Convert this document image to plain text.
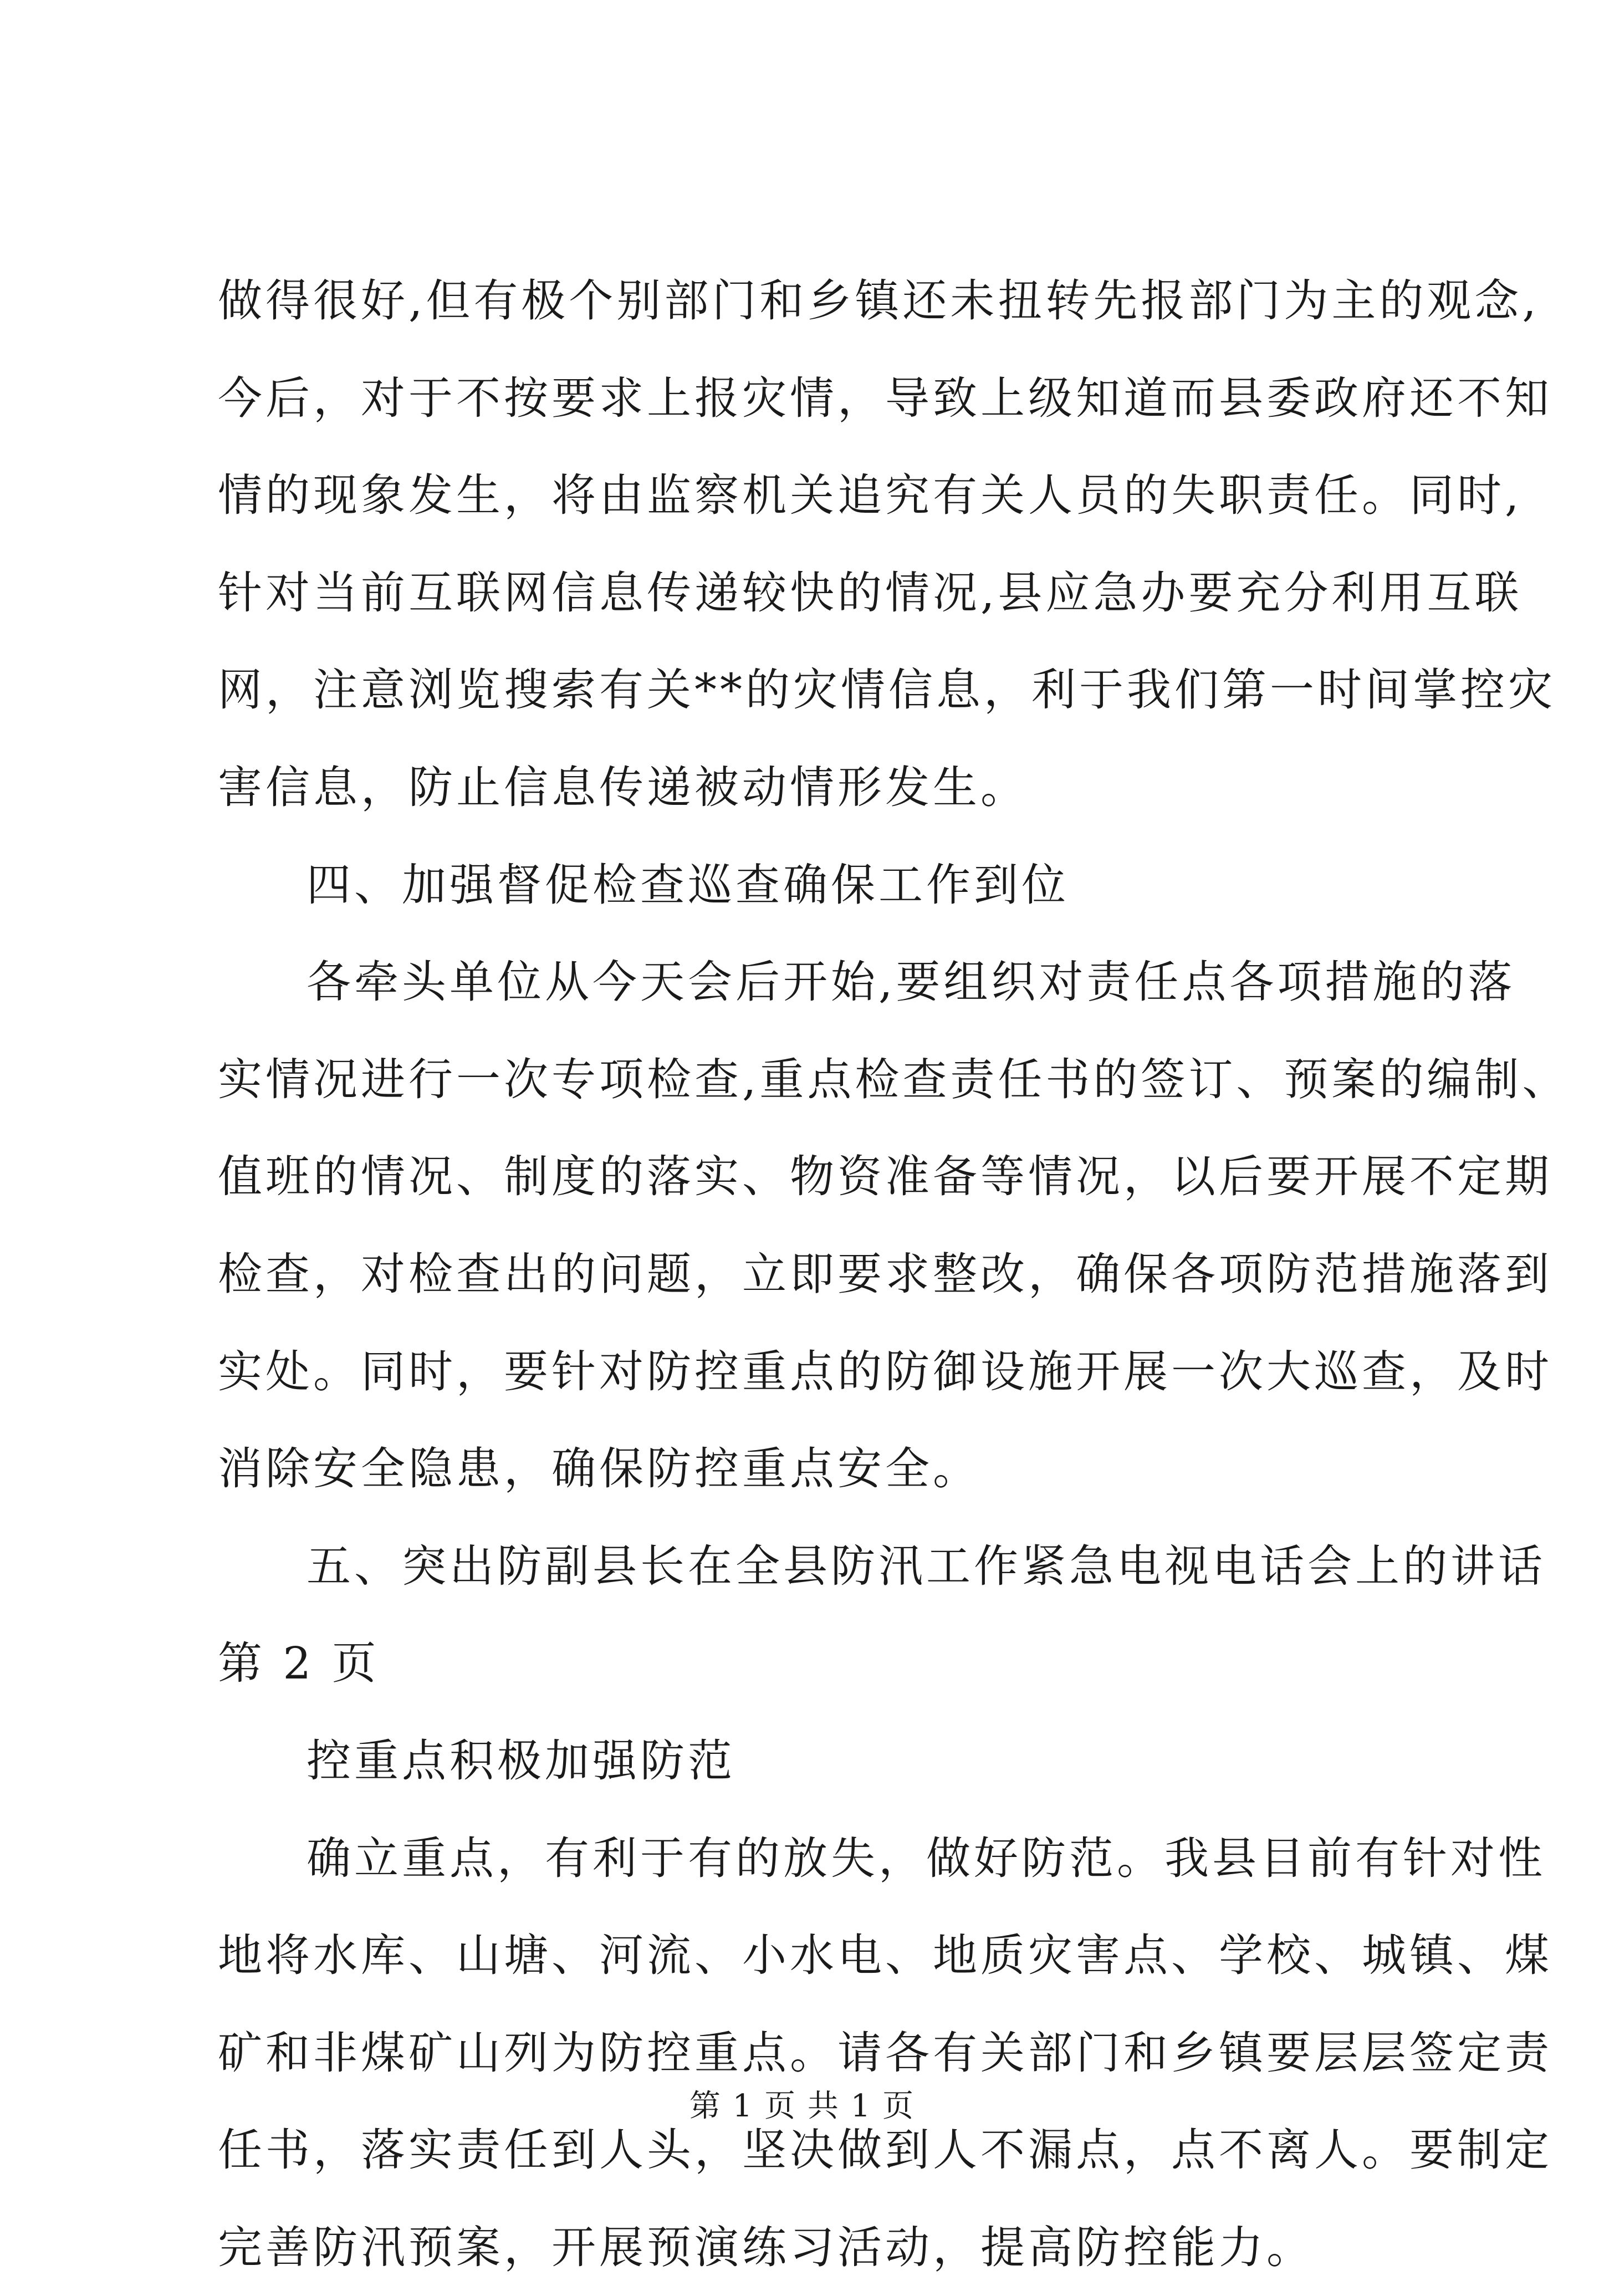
做得很好,但有极个别部门和乡镇还未扭转先报部门为主的观念,
今后，对于不按要求上报灾情，导致上级知道而县委政府还不知
情的现象发生，将由监察机关追究有关人员的失职责任。同时,
针对当前互联网信息传递较快的情况,县应急办要充分利用互联
网，注意浏览搜索有关**的灾情信息，利于我们第一时间掌控灾
害信息，防止信息传递被动情形发生。
四、加强督促检查巡查确保工作到位
各牵头单位从今天会后开始,要组织对责任点各项措施的落
实情况进行一次专项检查,重点检查责任书的签订、预案的编制、
值班的情况、制度的落实、物资准备等情况，以后要开展不定期
检查，对检查出的问题，立即要求整改，确保各项防范措施落到
实处。同时，要针对防控重点的防御设施开展一次大巡查，及时
消除安全隐患，确保防控重点安全。
五、突出防副县长在全县防汛工作紧急电视电话会上的讲话
第 2 页
控重点积极加强防范
确立重点，有利于有的放失，做好防范。我县目前有针对性
地将水库、山塘、河流、小水电、地质灾害点、学校、城镇、煤
矿和非煤矿山列为防控重点。请各有关部门和乡镇要层层签定责
任书，落实责任到人头，坚决做到人不漏点，点不离人。要制定
完善防汛预案，开展预演练习活动，提高防控能力。
第 1 页 共 1 页
